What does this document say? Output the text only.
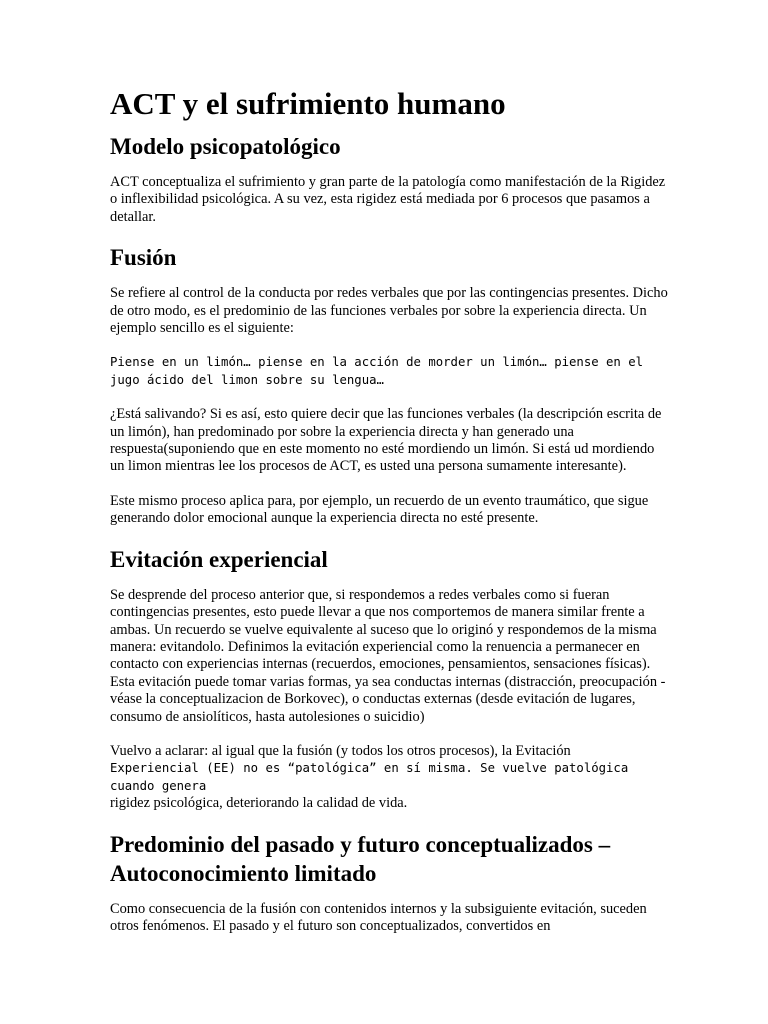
ACT y el sufrimiento humano
Modelo psicopatológico

ACT conceptualiza el sufrimiento y gran parte de la patología como manifestación de la Rigidez o inflexibilidad psicológica. A su vez, esta rigidez está mediada por 6 procesos que pasamos a detallar.

Fusión

Se refiere al control de la conducta por redes verbales que por las contingencias presentes. Dicho de otro modo, es el predominio de las funciones verbales por sobre la experiencia directa. Un ejemplo sencillo es el siguiente:

Piense en un limón… piense en la acción de morder un limón… piense en el jugo ácido del limon sobre su lengua…

¿Está salivando? Si es así, esto quiere decir que las funciones verbales (la descripción escrita de un limón), han predominado por sobre la experiencia directa y han generado una respuesta(suponiendo que en este momento no esté mordiendo un limón. Si está ud mordiendo un limon mientras lee los procesos de ACT, es usted una persona sumamente interesante).

Este mismo proceso aplica para, por ejemplo, un recuerdo de un evento traumático, que sigue generando dolor emocional aunque la experiencia directa no esté presente.

Evitación experiencial

Se desprende del proceso anterior que, si respondemos a redes verbales como si fueran contingencias presentes, esto puede llevar a que nos comportemos de manera similar frente a ambas. Un recuerdo se vuelve equivalente al suceso que lo originó y respondemos de la misma manera: evitandolo. Definimos la evitación experiencial como la renuencia a permanecer en contacto con experiencias internas (recuerdos, emociones, pensamientos, sensaciones físicas). Esta evitación puede tomar varias formas, ya sea conductas internas (distracción, preocupación -véase la conceptualizacion de Borkovec), o conductas externas (desde evitación de lugares, consumo de ansiolíticos, hasta autolesiones o suicidio)

Vuelvo a aclarar: al igual que la fusión (y todos los otros procesos), la Evitación
Experiencial (EE) no es “patológica” en sí misma. Se vuelve patológica cuando genera
rigidez psicológica, deteriorando la calidad de vida.

Predominio del pasado y futuro conceptualizados – Autoconocimiento limitado

Como consecuencia de la fusión con contenidos internos y la subsiguiente evitación, suceden otros fenómenos. El pasado y el futuro son conceptualizados, convertidos en
